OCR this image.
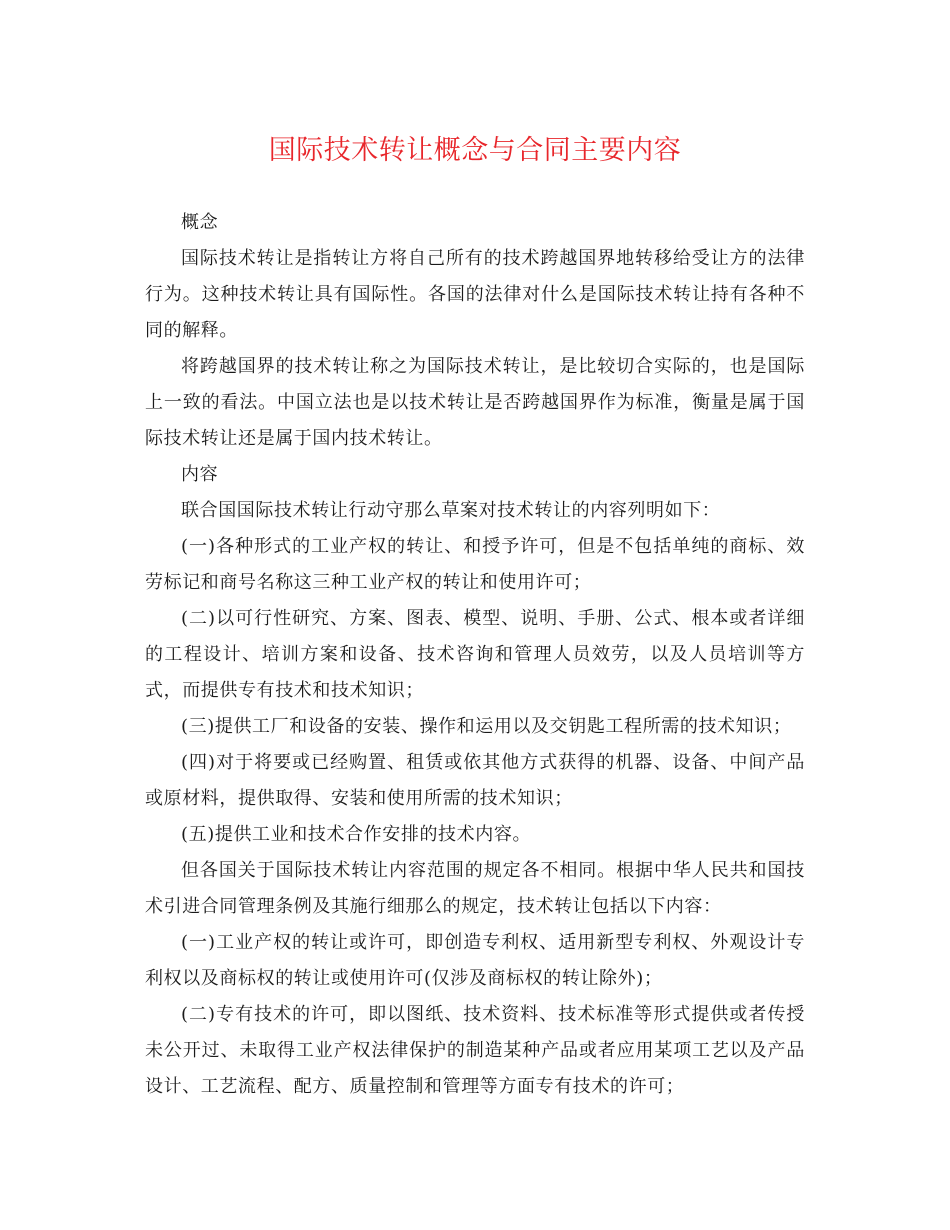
国际技术转让概念与合同主要内容

概念

国际技术转让是指转让方将自己所有的技术跨越国界地转移给受让方的法律行为。这种技术转让具有国际性。各国的法律对什么是国际技术转让持有各种不同的解释。

将跨越国界的技术转让称之为国际技术转让，是比较切合实际的，也是国际上一致的看法。中国立法也是以技术转让是否跨越国界作为标准，衡量是属于国际技术转让还是属于国内技术转让。

内容

联合国国际技术转让行动守那么草案对技术转让的内容列明如下：

(一)各种形式的工业产权的转让、和授予许可，但是不包括单纯的商标、效劳标记和商号名称这三种工业产权的转让和使用许可；

(二)以可行性研究、方案、图表、模型、说明、手册、公式、根本或者详细的工程设计、培训方案和设备、技术咨询和管理人员效劳，以及人员培训等方式，而提供专有技术和技术知识；

(三)提供工厂和设备的安装、操作和运用以及交钥匙工程所需的技术知识；

(四)对于将要或已经购置、租赁或依其他方式获得的机器、设备、中间产品或原材料，提供取得、安装和使用所需的技术知识；

(五)提供工业和技术合作安排的技术内容。

但各国关于国际技术转让内容范围的规定各不相同。根据中华人民共和国技术引进合同管理条例及其施行细那么的规定，技术转让包括以下内容：

(一)工业产权的转让或许可，即创造专利权、适用新型专利权、外观设计专利权以及商标权的转让或使用许可(仅涉及商标权的转让除外)；

(二)专有技术的许可，即以图纸、技术资料、技术标准等形式提供或者传授未公开过、未取得工业产权法律保护的制造某种产品或者应用某项工艺以及产品设计、工艺流程、配方、质量控制和管理等方面专有技术的许可；
